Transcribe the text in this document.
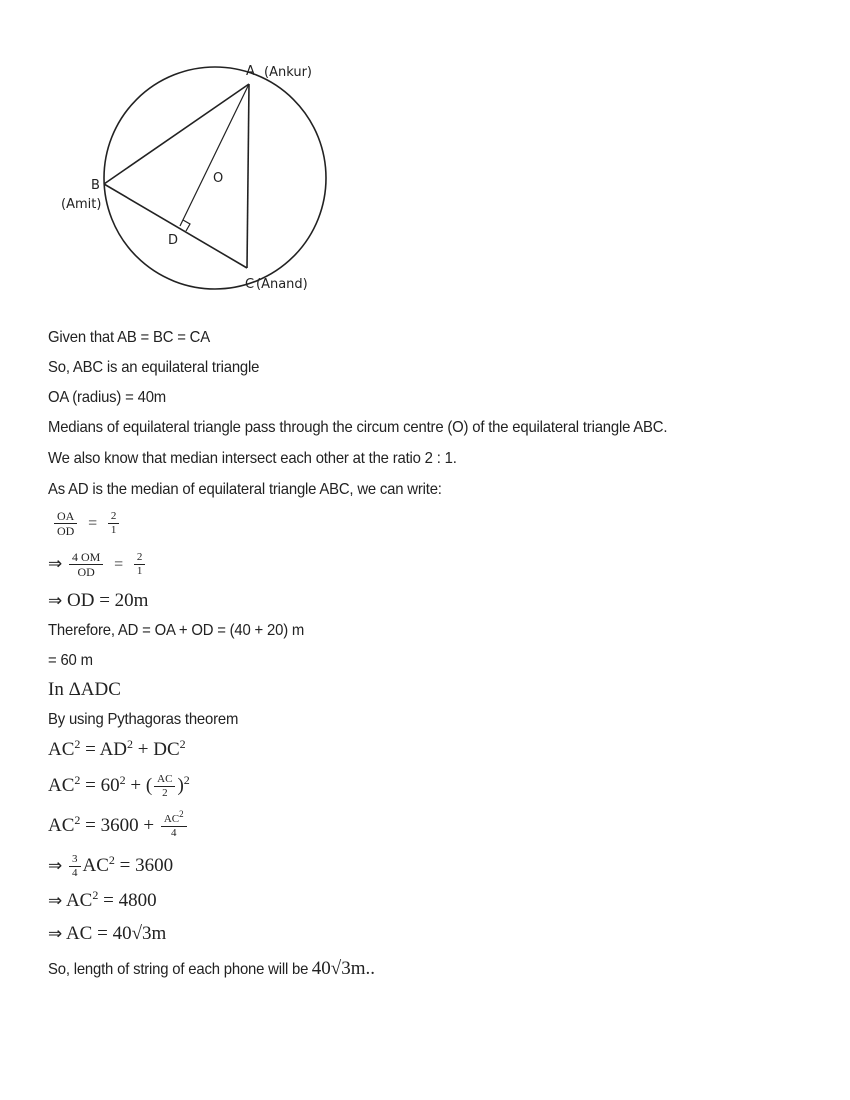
A (Ankur)
B
(Amit)
C (Anand)
D
O
Given that AB = BC = CA
So, ABC is an equilateral triangle
OA (radius) = 40m
Medians of equilateral triangle pass through the circum centre (O) of the equilateral triangle ABC.
We also know that median intersect each other at the ratio 2 : 1.
As AD is the median of equilateral triangle ABC, we can write:
$\frac{OA}{OD} = \frac{2}{1}$
⇒ $\frac{4 OM}{OD} = \frac{2}{1}$
⇒ OD = 20m
Therefore, AD = OA + OD = (40 + 20) m
= 60 m
In ΔADC
By using Pythagoras theorem
$AC^2 = AD^2 + DC^2$
$AC^2 = 60^2$ + ( $\frac{AC}{2} )^2$
$AC^2 = 3600 + \frac{AC^2}{4}$
⇒ $\frac{3}{4} AC^2 = 3600$
⇒ $AC^2 = 4800$
⇒ AC = 40√3m
So, length of string of each phone will be 40√3m..
